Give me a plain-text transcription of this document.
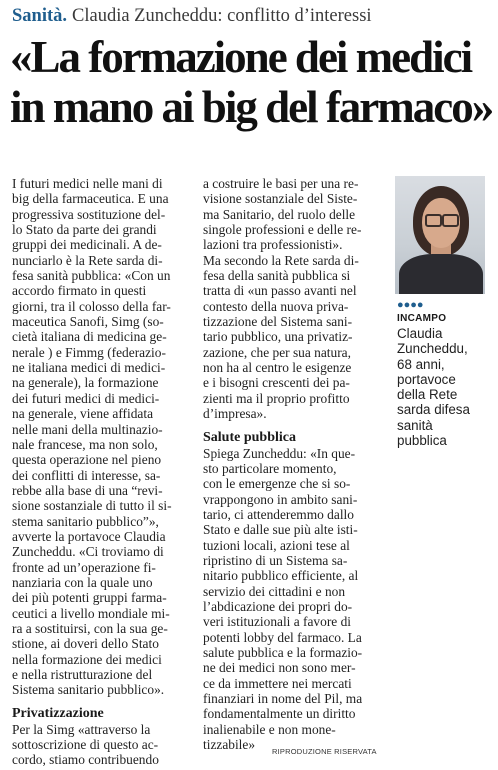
Sanità. Claudia Zuncheddu: conflitto d’interessi
«La formazione dei medici
in mano ai big del farmaco»
I futuri medici nelle mani di
big della farmaceutica. E una
progressiva sostituzione del-
lo Stato da parte dei grandi
gruppi dei medicinali. A de-
nunciarlo è la Rete sarda di-
fesa sanità pubblica: «Con un
accordo firmato in questi
giorni, tra il colosso della far-
maceutica Sanofi, Simg (so-
cietà italiana di medicina ge-
nerale ) e Fimmg (federazio-
ne italiana medici di medici-
na generale), la formazione
dei futuri medici di medici-
na generale, viene affidata
nelle mani della multinazio-
nale francese, ma non solo,
questa operazione nel pieno
dei conflitti di interesse, sa-
rebbe alla base di una “revi-
sione sostanziale di tutto il si-
stema sanitario pubblico”»,
avverte la portavoce Claudia
Zuncheddu. «Ci troviamo di
fronte ad un’operazione fi-
nanziaria con la quale uno
dei più potenti gruppi farma-
ceutici a livello mondiale mi-
ra a sostituirsi, con la sua ge-
stione, ai doveri dello Stato
nella formazione dei medici
e nella ristrutturazione del
Sistema sanitario pubblico».
Privatizzazione
Per la Simg «attraverso la
sottoscrizione di questo ac-
cordo, stiamo contribuendo
a costruire le basi per una re-
visione sostanziale del Siste-
ma Sanitario, del ruolo delle
singole professioni e delle re-
lazioni tra professionisti».
Ma secondo la Rete sarda di-
fesa della sanità pubblica si
tratta di «un passo avanti nel
contesto della nuova priva-
tizzazione del Sistema sani-
tario pubblico, una privatiz-
zazione, che per sua natura,
non ha al centro le esigenze
e i bisogni crescenti dei pa-
zienti ma il proprio profitto
d’impresa».
Salute pubblica
Spiega Zuncheddu: «In que-
sto particolare momento,
con le emergenze che si so-
vrappongono in ambito sani-
tario, ci attenderemmo dallo
Stato e dalle sue più alte isti-
tuzioni locali, azioni tese al
ripristino di un Sistema sa-
nitario pubblico efficiente, al
servizio dei cittadini e non
l’abdicazione dei propri do-
veri istituzionali a favore di
potenti lobby del farmaco. La
salute pubblica e la formazio-
ne dei medici non sono mer-
ce da immettere nei mercati
finanziari in nome del Pil, ma
fondamentalmente un diritto
inalienabile e non mone-
tizzabile»
●●●●
INCAMPO
Claudia
Zuncheddu,
68 anni,
portavoce
della Rete
sarda difesa
sanità
pubblica
RIPRODUZIONE RISERVATA
